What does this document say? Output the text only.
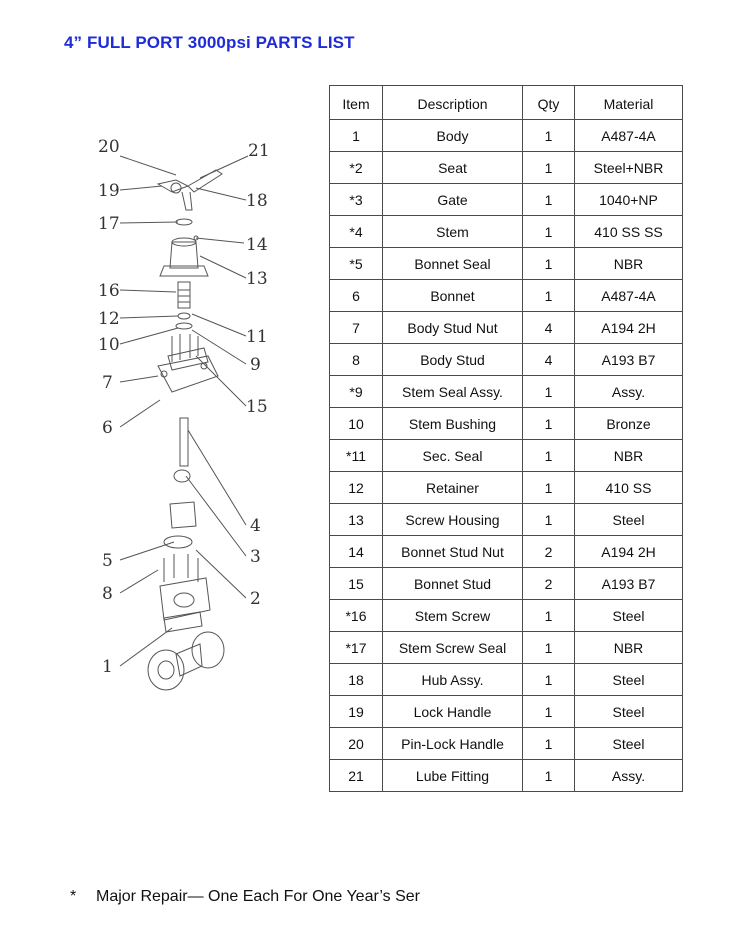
4” FULL PORT 3000psi PARTS LIST
20	21
19	18
17
14
13
16
12
11
10
9
7
15
6
4
3
5
8	2
1
Item	Description	Qty	Material
1	Body	1	A487-4A
*2	Seat	1	Steel+NBR
*3	Gate	1	1040+NP
*4	Stem	1	410 SS SS
*5	Bonnet Seal	1	NBR
6	Bonnet	1	A487-4A
7	Body Stud Nut	4	A194 2H
8	Body Stud	4	A193 B7
*9	Stem Seal Assy.	1	Assy.
10	Stem Bushing	1	Bronze
*11	Sec. Seal	1	NBR
12	Retainer	1	410 SS
13	Screw Housing	1	Steel
14	Bonnet Stud Nut	2	A194 2H
15	Bonnet Stud	2	A193 B7
*16	Stem Screw	1	Steel
*17	Stem Screw Seal	1	NBR
18	Hub Assy.	1	Steel
19	Lock Handle	1	Steel
20	Pin-Lock Handle	1	Steel
21	Lube Fitting	1	Assy.
* Major Repair— One Each For One Year’s Ser
